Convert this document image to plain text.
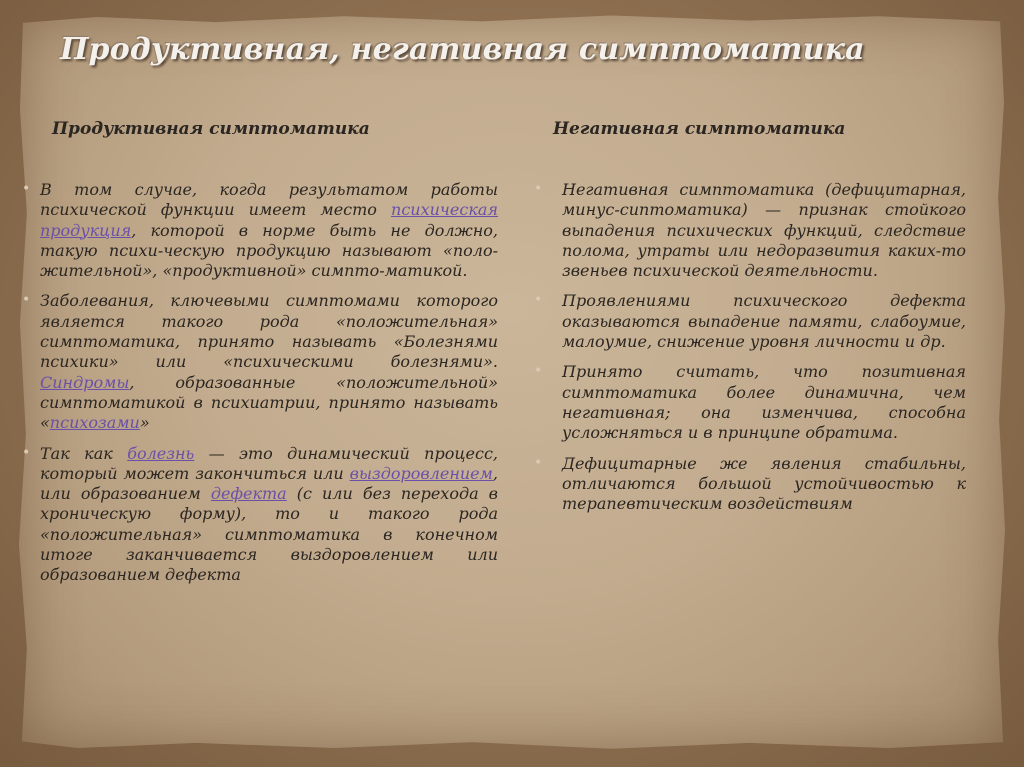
Продуктивная, негативная симптоматика
Продуктивная симптоматика	Негативная симптоматика
• В том случае, когда результатом работы психической функции имеет место психическая продукция, которой в норме быть не должно, такую психи-ческую продукцию называют «поло-жительной», «продуктивной» симпто-матикой.
• Заболевания, ключевыми симптомами которого является такого рода «положительная» симптоматика, принято называть «Болезнями психики» или «психическими болезнями». Синдромы, образованные «положительной» симптоматикой в психиатрии, принято называть «психозами»
• Так как болезнь — это динамический процесс, который может закончиться или выздоровлением, или образованием дефекта (с или без перехода в хроническую форму), то и такого рода «положительная» симптоматика в конечном итоге заканчивается выздоровлением или образованием дефекта
• Негативная симптоматика (дефицитарная, минус-сиптоматика) — признак стойкого выпадения психических функций, следствие полома, утраты или недоразвития каких-то звеньев психической деятельности.
• Проявлениями психического дефекта оказываются выпадение памяти, слабоумие, малоумие, снижение уровня личности и др.
• Принято считать, что позитивная симптоматика более динамична, чем негативная; она изменчива, способна усложняться и в принципе обратима.
• Дефицитарные же явления стабильны, отличаются большой устойчивостью к терапевтическим воздействиям
